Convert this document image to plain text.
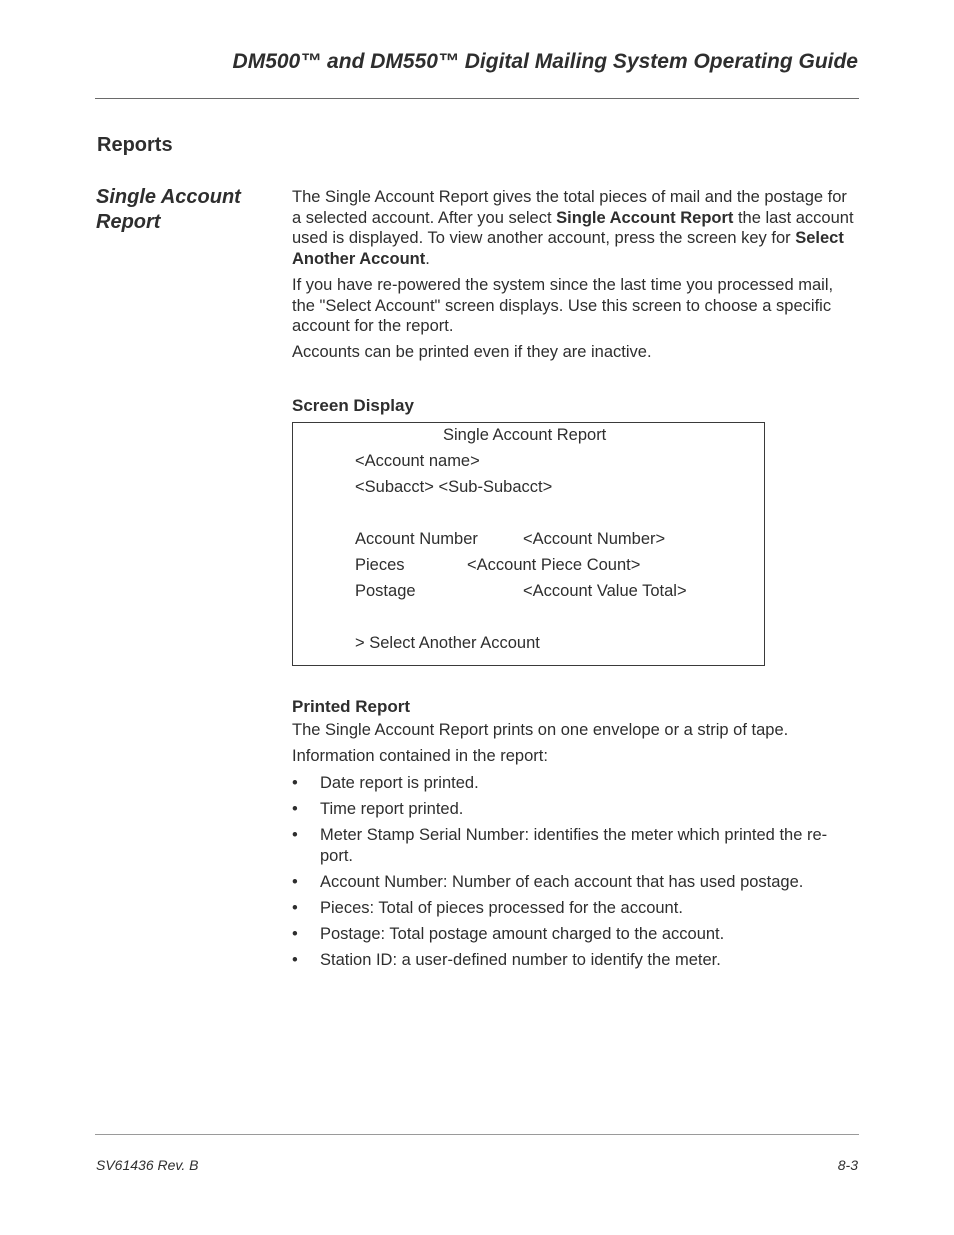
DM500™ and DM550™ Digital Mailing System Operating Guide
Reports
Single Account Report

The Single Account Report gives the total pieces of mail and the postage for a selected account. After you select Single Account Report the last account used is displayed. To view another account, press the screen key for Select Another Account.

If you have re-powered the system since the last time you processed mail, the "Select Account" screen displays. Use this screen to choose a specific account for the report.

Accounts can be printed even if they are inactive.

Screen Display
Single Account Report
<Account name>
<Subacct> <Sub-Subacct>
Account Number	<Account Number>
Pieces	<Account Piece Count>
Postage	<Account Value Total>
> Select Another Account
Printed Report
The Single Account Report prints on one envelope or a strip of tape.
Information contained in the report:
• Date report is printed.
• Time report printed.
• Meter Stamp Serial Number: identifies the meter which printed the re-port.
• Account Number: Number of each account that has used postage.
• Pieces: Total of pieces processed for the account.
• Postage: Total postage amount charged to the account.
• Station ID: a user-defined number to identify the meter.
SV61436 Rev. B	8-3
